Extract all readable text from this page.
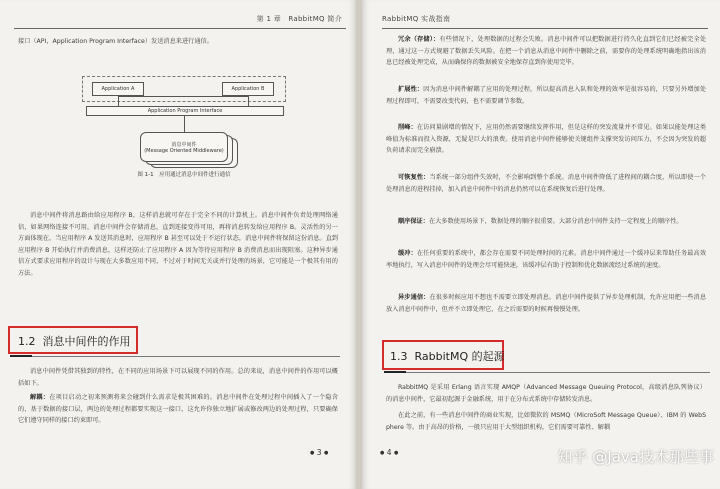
第 1 章　RabbitMQ 简介
接口（API，Application Program Interface）发送消息来进行通信。
Application A	Application B
Application Program Interface
消息中间件
(Message Oriented Middleware)
图 1-1　应用通过消息中间件进行通信
消息中间件将消息路由给应用程序 B，这样消息就可存在于完全不同的计算机上。消息中间件负责处理网络通信，如果网络连接不可用，消息中间件会存储消息，直到连接变得可用，再将消息转发给应用程序 B。灵活性的另一方面体现在，当应用程序 A 发送其消息时，应用程序 B 甚至可以处于不运行状态，消息中间件将保留这份消息。直到应用程序 B 开始执行并消费消息，这样还防止了应用程序 A 因为等待应用程序 B 消费消息而出现阻塞。这种异步通信方式要求应用程序的设计与现在大多数应用不同，不过对于时间无关或并行处理的场景，它可能是一个极其有用的方法。
1.2 消息中间件的作用
消息中间件凭借其独到的特性，在不同的应用场景下可以展现不同的作用。总的来说，消息中间件的作用可以概括如下。
解耦：在项目启动之初来预测将来会碰到什么需求是极其困难的。消息中间件在处理过程中间插入了一个隐含的、基于数据的接口层，两边的处理过程都要实现这一接口，这允许你独立地扩展或修改两边的处理过程，只要确保它们遵守同样的接口约束即可。
● 3 ●
RabbitMQ 实战指南
冗余（存储）：有些情况下，处理数据的过程会失败。消息中间件可以把数据进行持久化直到它们已经被完全处理，通过这一方式规避了数据丢失风险。在把一个消息从消息中间件中删除之前，需要你的处理系统明确地指出该消息已经被处理完成，从而确保你的数据被安全地保存直到你使用完毕。
扩展性：因为消息中间件解耦了应用的处理过程，所以提高消息入队和处理的效率是很容易的，只要另外增加处理过程即可，不需要改变代码，也不需要调节参数。
削峰：在访问量剧增的情况下，应用仍然需要继续发挥作用，但是这样的突发流量并不常见。如果以能处理这类峰值为标准而投入资源，无疑是巨大的浪费。使用消息中间件能够使关键组件支撑突发访问压力，不会因为突发的超负荷请求而完全崩溃。
可恢复性：当系统一部分组件失效时，不会影响到整个系统。消息中间件降低了进程间的耦合度，所以即使一个处理消息的进程挂掉，加入消息中间件中的消息仍然可以在系统恢复后进行处理。
顺序保证：在大多数使用场景下，数据处理的顺序很重要。大部分消息中间件支持一定程度上的顺序性。
缓冲：在任何重要的系统中，都会存在需要不同处理时间的元素。消息中间件通过一个缓冲层来帮助任务最高效率地执行，写入消息中间件的处理会尽可能快速，该缓冲层有助于控制和优化数据流经过系统的速度。
异步通信：在很多时候应用不想也不需要立即处理消息。消息中间件提供了异步处理机制，允许应用把一些消息放入消息中间件中，但并不立即处理它，在之后需要的时候再慢慢处理。
1.3 RabbitMQ 的起源
RabbitMQ 是采用 Erlang 语言实现 AMQP（Advanced Message Queuing Protocol，高级消息队列协议）的消息中间件，它最初起源于金融系统，用于在分布式系统中存储转发消息。
在此之前，有一些消息中间件的商业实现，比如微软的 MSMQ（MicroSoft Message Queue）、IBM 的 WebSphere 等。由于高昂的价格，一般只应用于大型组织机构，它们需要可靠性、解耦
● 4 ●	知乎 @Java技术那些事
